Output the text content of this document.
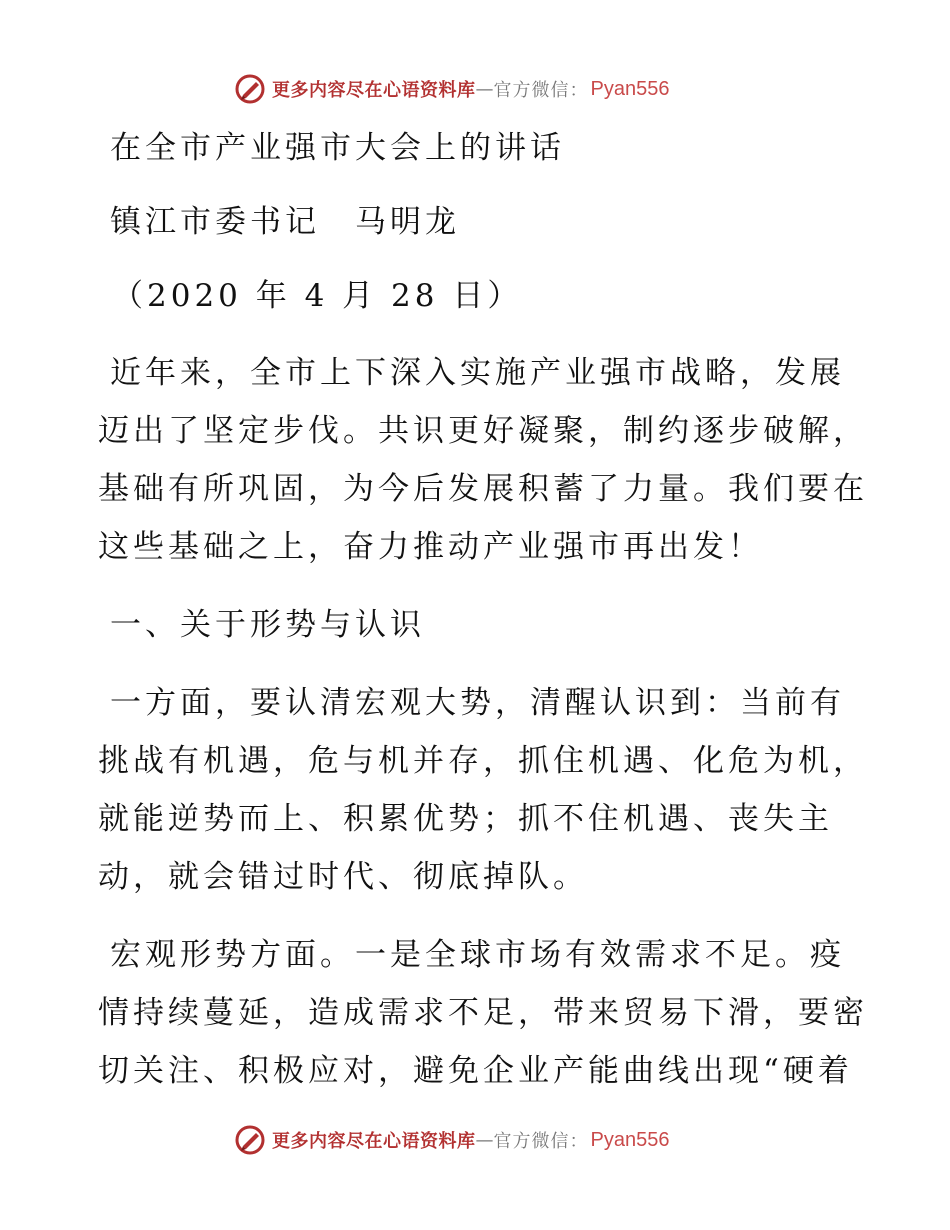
更多内容尽在心语资料库 — 官方微信： Pyan556
在全市产业强市大会上的讲话
镇江市委书记　马明龙
（2020 年 4 月 28 日）
近年来，全市上下深入实施产业强市战略，发展
迈出了坚定步伐。共识更好凝聚，制约逐步破解，
基础有所巩固，为今后发展积蓄了力量。我们要在
这些基础之上，奋力推动产业强市再出发！
一、关于形势与认识
一方面，要认清宏观大势，清醒认识到：当前有
挑战有机遇，危与机并存，抓住机遇、化危为机，
就能逆势而上、积累优势；抓不住机遇、丧失主
动，就会错过时代、彻底掉队。
宏观形势方面。一是全球市场有效需求不足。疫
情持续蔓延，造成需求不足，带来贸易下滑，要密
切关注、积极应对，避免企业产能曲线出现“硬着
更多内容尽在心语资料库 — 官方微信： Pyan556
